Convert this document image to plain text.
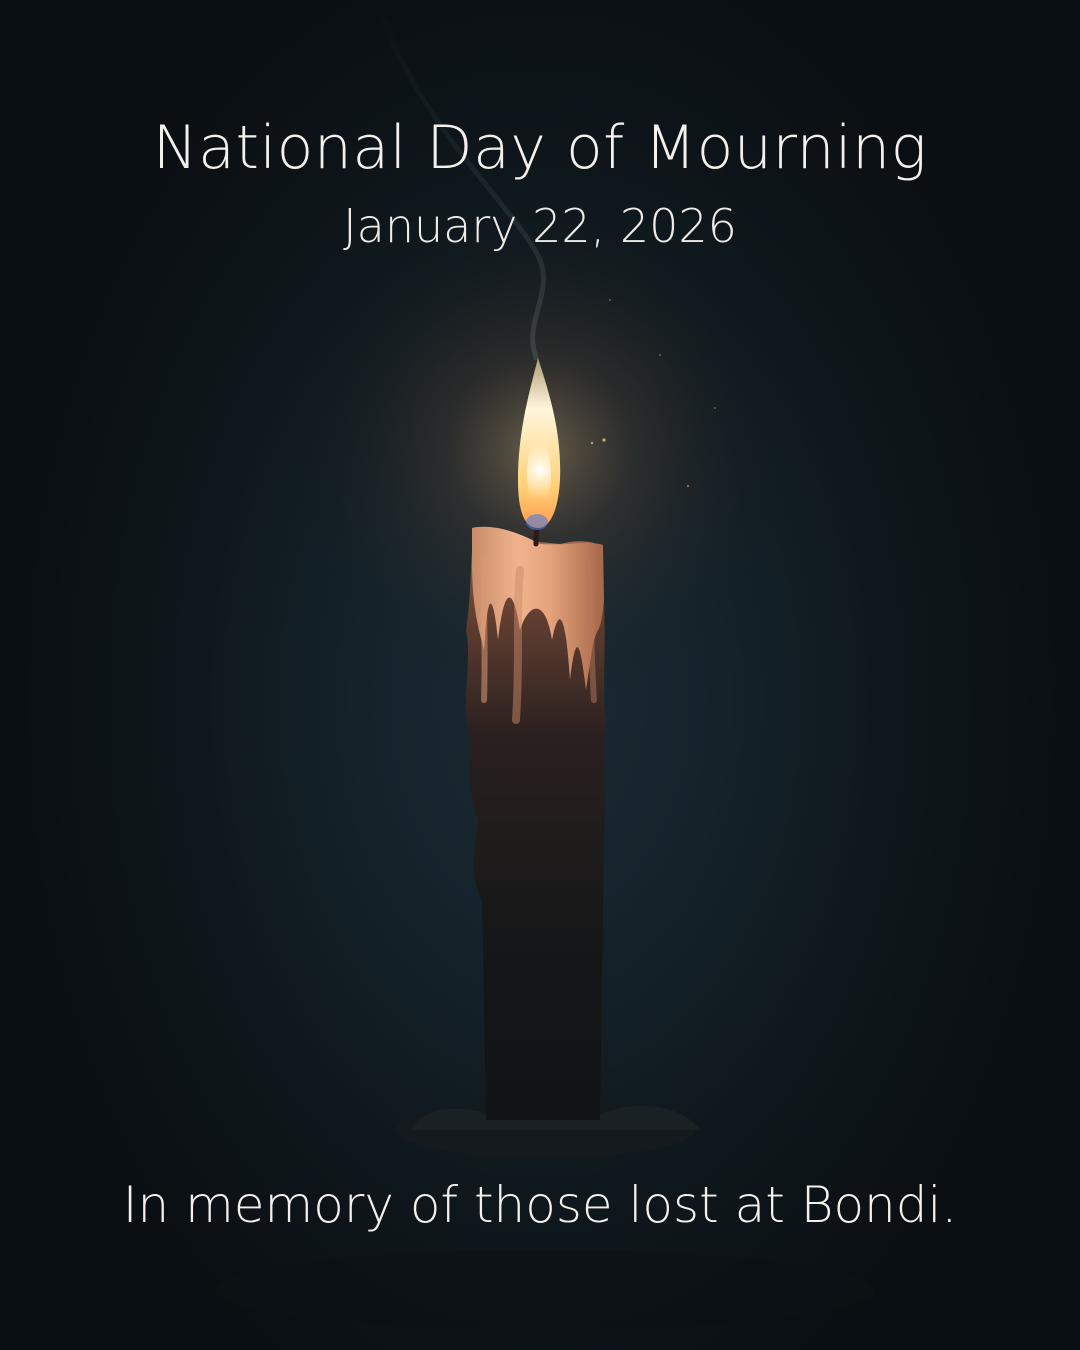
National Day of Mourning
January 22, 2026
In memory of those lost at Bondi.
